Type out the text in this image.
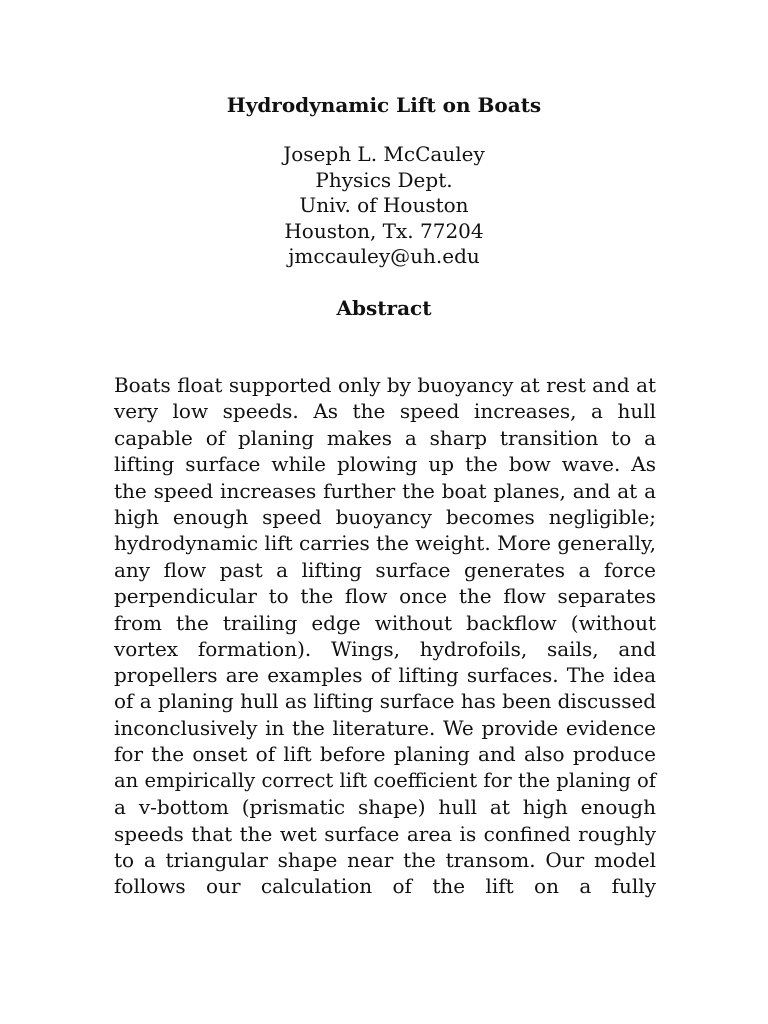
Hydrodynamic Lift on Boats
Joseph L. McCauley
Physics Dept.
Univ. of Houston
Houston, Tx. 77204
jmccauley@uh.edu
Abstract
Boats float supported only by buoyancy at rest and at
very low speeds. As the speed increases, a hull
capable of planing makes a sharp transition to a
lifting surface while plowing up the bow wave. As
the speed increases further the boat planes, and at a
high enough speed buoyancy becomes negligible;
hydrodynamic lift carries the weight. More generally,
any flow past a lifting surface generates a force
perpendicular to the flow once the flow separates
from the trailing edge without backflow (without
vortex formation). Wings, hydrofoils, sails, and
propellers are examples of lifting surfaces. The idea
of a planing hull as lifting surface has been discussed
inconclusively in the literature. We provide evidence
for the onset of lift before planing and also produce
an empirically correct lift coefficient for the planing of
a v-bottom (prismatic shape) hull at high enough
speeds that the wet surface area is confined roughly
to a triangular shape near the transom. Our model
follows our calculation of the lift on a fully
